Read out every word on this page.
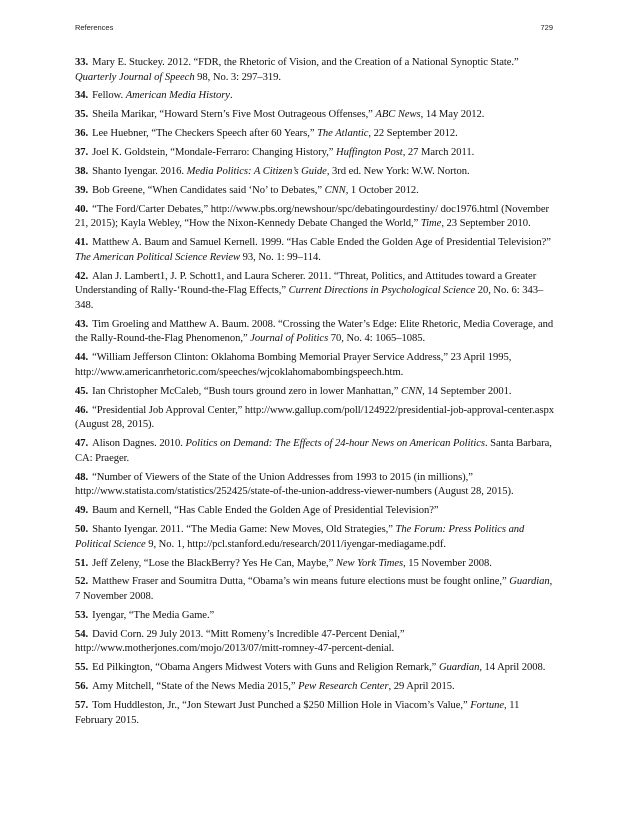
References	729

33. Mary E. Stuckey. 2012. “FDR, the Rhetoric of Vision, and the Creation of a National Synoptic State.” Quarterly Journal of Speech 98, No. 3: 297–319.

34. Fellow. American Media History.

35. Sheila Marikar, “Howard Stern’s Five Most Outrageous Offenses,” ABC News, 14 May 2012.

36. Lee Huebner, “The Checkers Speech after 60 Years,” The Atlantic, 22 September 2012.

37. Joel K. Goldstein, “Mondale-Ferraro: Changing History,” Huffington Post, 27 March 2011.

38. Shanto Iyengar. 2016. Media Politics: A Citizen’s Guide, 3rd ed. New York: W.W. Norton.

39. Bob Greene, “When Candidates said ‘No’ to Debates,” CNN, 1 October 2012.

40. “The Ford/Carter Debates,” http://www.pbs.org/newshour/spc/debatingourdestiny/ doc1976.html (November 21, 2015); Kayla Webley, “How the Nixon-Kennedy Debate Changed the World,” Time, 23 September 2010.

41. Matthew A. Baum and Samuel Kernell. 1999. “Has Cable Ended the Golden Age of Presidential Television?” The American Political Science Review 93, No. 1: 99–114.

42. Alan J. Lambert1, J. P. Schott1, and Laura Scherer. 2011. “Threat, Politics, and Attitudes toward a Greater Understanding of Rally-‘Round-the-Flag Effects,” Current Directions in Psychological Science 20, No. 6: 343–348.

43. Tim Groeling and Matthew A. Baum. 2008. “Crossing the Water’s Edge: Elite Rhetoric, Media Coverage, and the Rally-Round-the-Flag Phenomenon,” Journal of Politics 70, No. 4: 1065–1085.

44. “William Jefferson Clinton: Oklahoma Bombing Memorial Prayer Service Address,” 23 April 1995, http://www.americanrhetoric.com/speeches/wjcoklahomabombingspeech.htm.

45. Ian Christopher McCaleb, “Bush tours ground zero in lower Manhattan,” CNN, 14 September 2001.

46. “Presidential Job Approval Center,” http://www.gallup.com/poll/124922/presidential-job-approval-center.aspx (August 28, 2015).

47. Alison Dagnes. 2010. Politics on Demand: The Effects of 24-hour News on American Politics. Santa Barbara, CA: Praeger.

48. “Number of Viewers of the State of the Union Addresses from 1993 to 2015 (in millions),” http://www.statista.com/statistics/252425/state-of-the-union-address-viewer-numbers (August 28, 2015).

49. Baum and Kernell, “Has Cable Ended the Golden Age of Presidential Television?”

50. Shanto Iyengar. 2011. “The Media Game: New Moves, Old Strategies,” The Forum: Press Politics and Political Science 9, No. 1, http://pcl.stanford.edu/research/2011/iyengar-mediagame.pdf.

51. Jeff Zeleny, “Lose the BlackBerry? Yes He Can, Maybe,” New York Times, 15 November 2008.

52. Matthew Fraser and Soumitra Dutta, “Obama’s win means future elections must be fought online,” Guardian, 7 November 2008.

53. Iyengar, “The Media Game.”

54. David Corn. 29 July 2013. “Mitt Romeny’s Incredible 47-Percent Denial,” http://www.motherjones.com/mojo/2013/07/mitt-romney-47-percent-denial.

55. Ed Pilkington, “Obama Angers Midwest Voters with Guns and Religion Remark,” Guardian, 14 April 2008.

56. Amy Mitchell, “State of the News Media 2015,” Pew Research Center, 29 April 2015.

57. Tom Huddleston, Jr., “Jon Stewart Just Punched a $250 Million Hole in Viacom’s Value,” Fortune, 11 February 2015.
